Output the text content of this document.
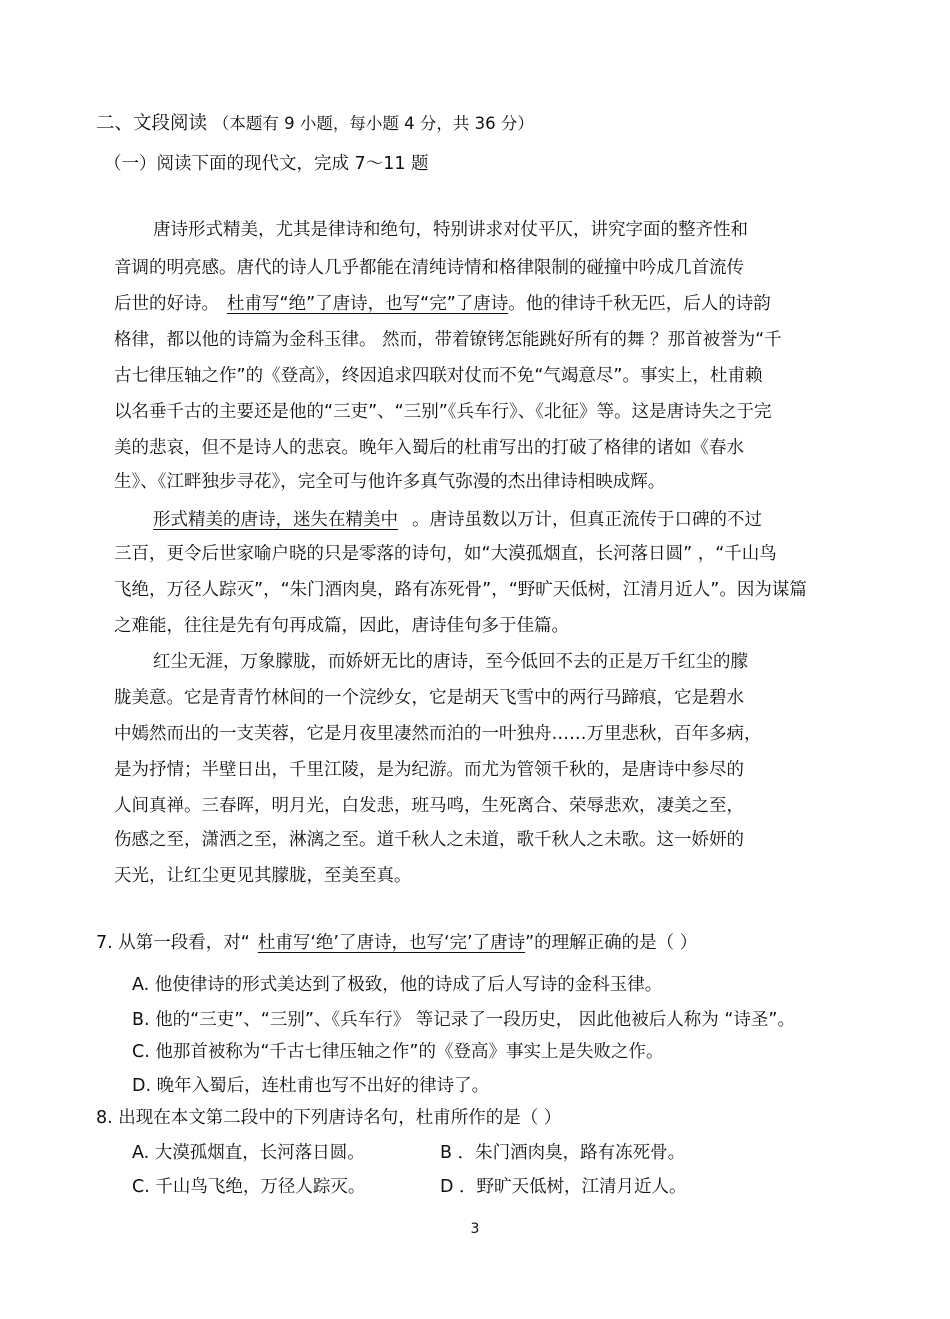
二、文段阅读 （本题有 9 小题，每小题 4 分，共 36 分）
（一）阅读下面的现代文，完成 7～11 题
唐诗形式精美，尤其是律诗和绝句，特别讲求对仗平仄，讲究字面的整齐性和
音调的明亮感。唐代的诗人几乎都能在清纯诗情和格律限制的碰撞中吟成几首流传
后世的好诗。 杜甫写“绝”了唐诗，也写“完”了唐诗。他的律诗千秋无匹，后人的诗韵
格律，都以他的诗篇为金科玉律。 然而，带着镣铐怎能跳好所有的舞 ？那首被誉为“千
古七律压轴之作”的《登高》，终因追求四联对仗而不免“气竭意尽”。事实上，杜甫赖
以名垂千古的主要还是他的“三吏”、“三别”《兵车行》、《北征》等。这是唐诗失之于完
美的悲哀，但不是诗人的悲哀。晚年入蜀后的杜甫写出的打破了格律的诸如《春水
生》、《江畔独步寻花》，完全可与他许多真气弥漫的杰出律诗相映成辉。
形式精美的唐诗，迷失在精美中 。唐诗虽数以万计，但真正流传于口碑的不过
三百，更令后世家喻户晓的只是零落的诗句，如“大漠孤烟直，长河落日圆” ，“千山鸟
飞绝，万径人踪灭”，“朱门酒肉臭，路有冻死骨”，“野旷天低树，江清月近人”。因为谋篇
之难能，往往是先有句再成篇，因此，唐诗佳句多于佳篇。
红尘无涯，万象朦胧，而娇妍无比的唐诗，至今低回不去的正是万千红尘的朦
胧美意。它是青青竹林间的一个浣纱女，它是胡天飞雪中的两行马蹄痕，它是碧水
中嫣然而出的一支芙蓉，它是月夜里凄然而泊的一叶独舟……万里悲秋，百年多病，
是为抒情；半壁日出，千里江陵，是为纪游。而尤为管领千秋的，是唐诗中参尽的
人间真禅。三春晖，明月光，白发悲，班马鸣，生死离合、荣辱悲欢，凄美之至，
伤感之至，潇洒之至，淋漓之至。道千秋人之未道，歌千秋人之未歌。这一娇妍的
天光，让红尘更见其朦胧，至美至真。
7. 从第一段看，对“ 杜甫写‘绝’了唐诗，也写‘完’了唐诗”的理解正确的是（ ）
A. 他使律诗的形式美达到了极致，他的诗成了后人写诗的金科玉律。
B. 他的“三吏”、“三别”、《兵车行》 等记录了一段历史， 因此他被后人称为 “诗圣”。
C. 他那首被称为“千古七律压轴之作”的《登高》事实上是失败之作。
D. 晚年入蜀后，连杜甫也写不出好的律诗了。
8. 出现在本文第二段中的下列唐诗名句，杜甫所作的是（ ）
A. 大漠孤烟直，长河落日圆。	B ．朱门酒肉臭，路有冻死骨。
C. 千山鸟飞绝，万径人踪灭。	D ．野旷天低树，江清月近人。
3
